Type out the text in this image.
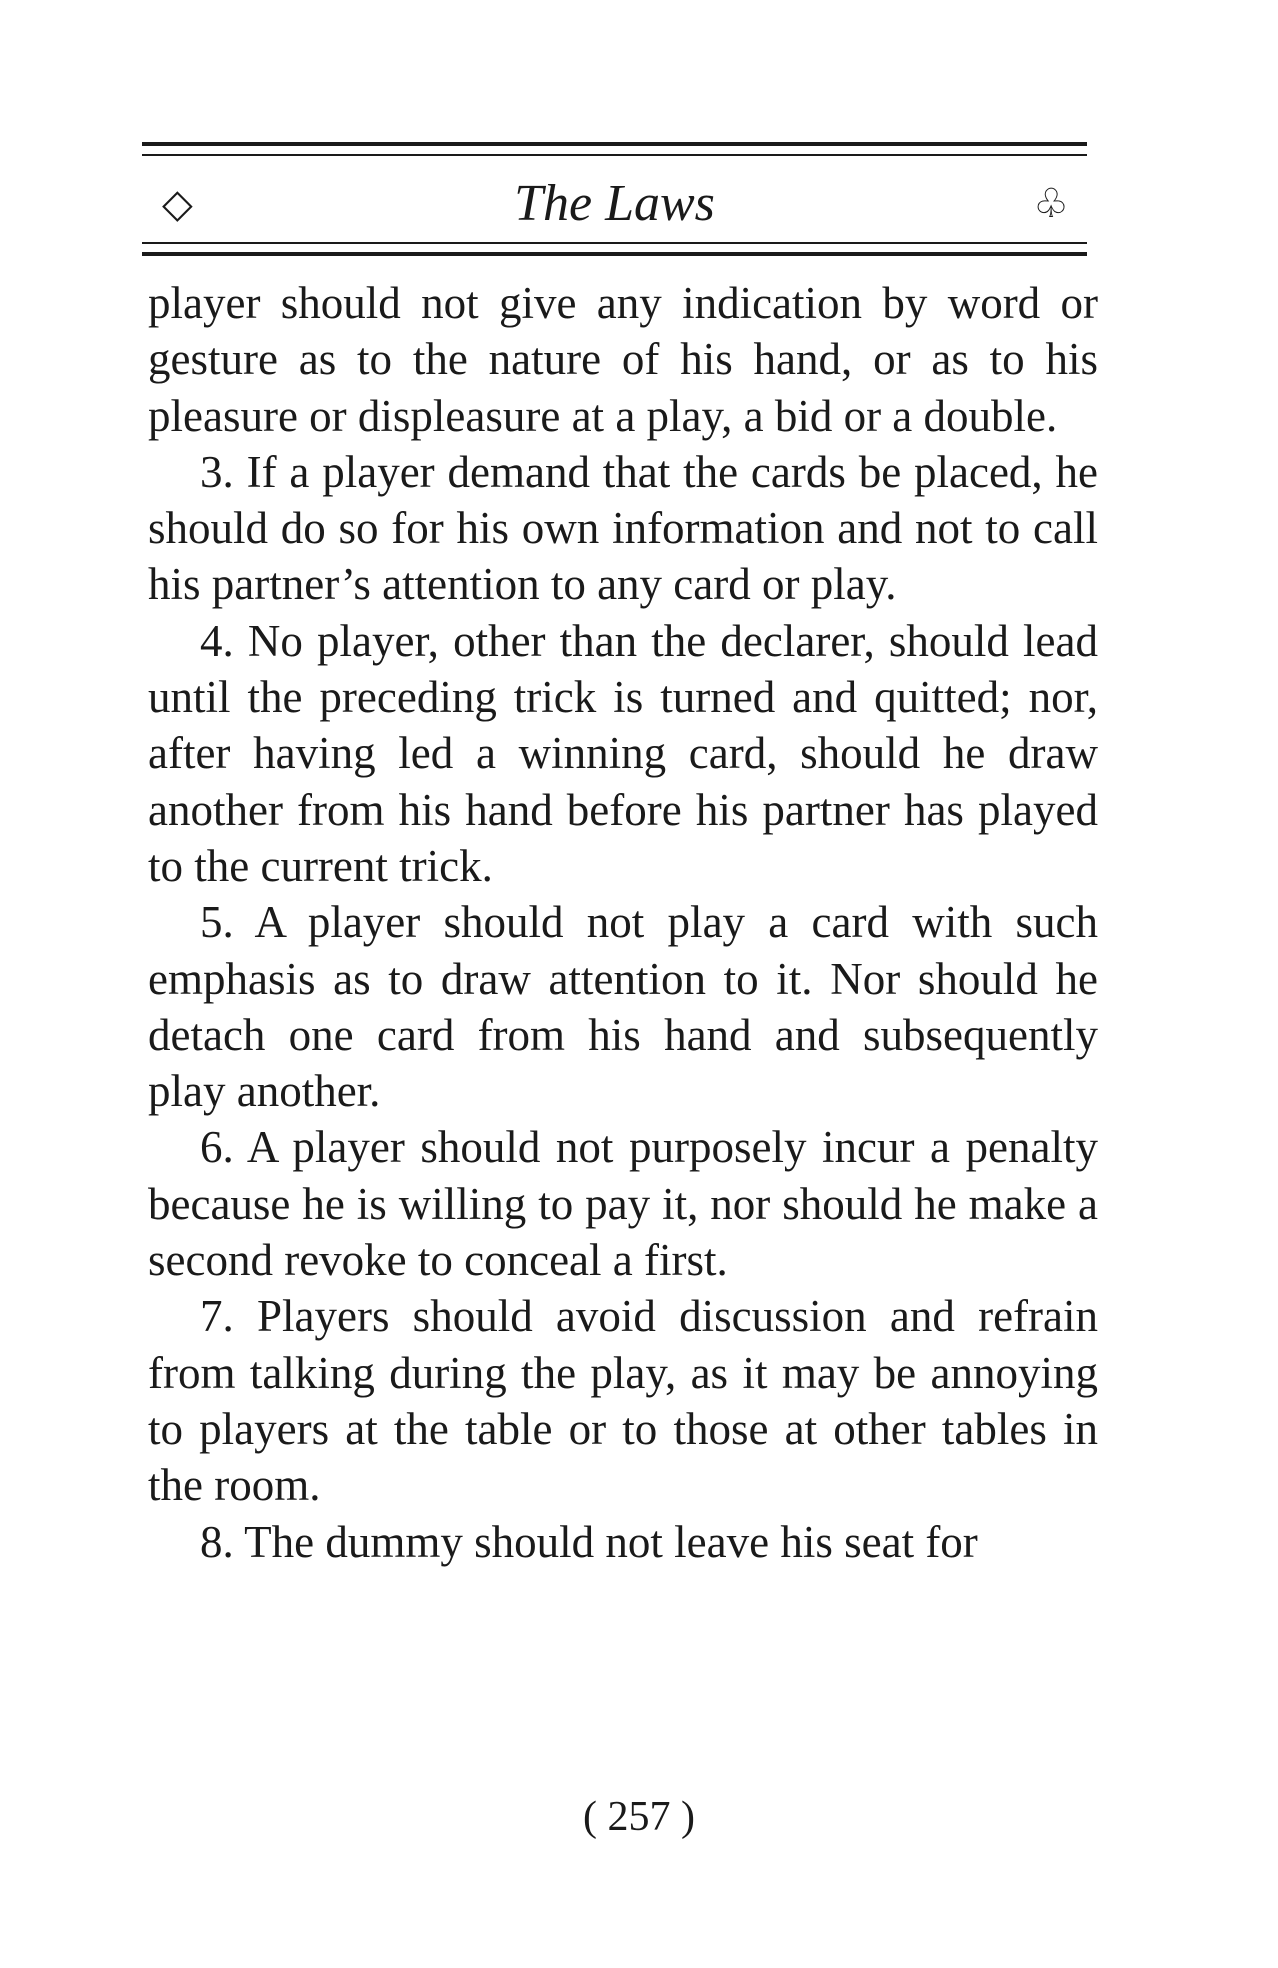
◇	The Laws	♧

player should not give any indication by word or gesture as to the nature of his hand, or as to his pleasure or displeasure at a play, a bid or a double.

3. If a player demand that the cards be placed, he should do so for his own information and not to call his partner’s attention to any card or play.

4. No player, other than the declarer, should lead until the preceding trick is turned and quitted; nor, after having led a winning card, should he draw another from his hand before his partner has played to the current trick.

5. A player should not play a card with such emphasis as to draw attention to it. Nor should he detach one card from his hand and subsequently play another.

6. A player should not purposely incur a penalty because he is willing to pay it, nor should he make a second revoke to conceal a first.

7. Players should avoid discussion and refrain from talking during the play, as it may be annoying to players at the table or to those at other tables in the room.

8. The dummy should not leave his seat for

( 257 )
